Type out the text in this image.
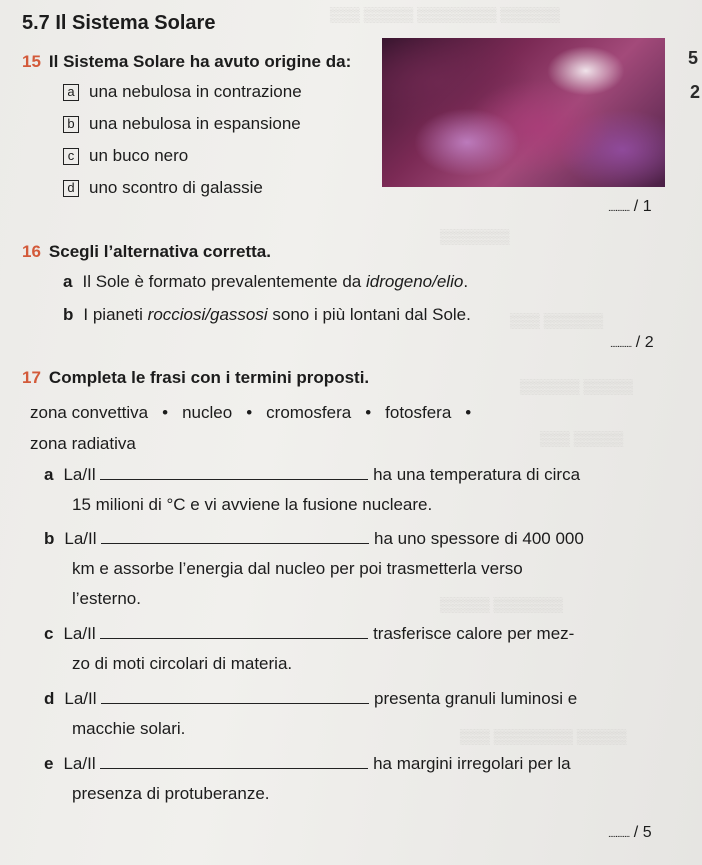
▒▒▒▒▒▒ ▒▒▒▒▒▒▒▒ ▒▒▒▒▒ ▒▒▒
▒▒▒▒▒▒▒
▒▒▒▒▒▒ ▒▒▒
▒▒▒▒▒ ▒▒▒▒▒▒
▒▒▒▒▒ ▒▒▒
▒▒▒▒▒▒▒ ▒▒▒▒▒
▒▒▒▒▒ ▒▒▒▒▒▒▒▒ ▒▒▒
5.7 Il Sistema Solare
15 Il Sistema Solare ha avuto origine da:
a una nebulosa in contrazione
b una nebulosa in espansione
c un buco nero
d uno scontro di galassie
............ / 1
16 Scegli l’alternativa corretta.
a Il Sole è formato prevalentemente da idrogeno/elio.
b I pianeti rocciosi/gassosi sono i più lontani dal Sole.
............ / 2
17 Completa le frasi con i termini proposti.
zona convettiva • nucleo • cromosfera • fotosfera •
zona radiativa
a La/Il	ha una temperatura di circa
15 milioni di °C e vi avviene la fusione nucleare.
b La/Il	ha uno spessore di 400 000
km e assorbe l’energia dal nucleo per poi trasmetterla verso
l’esterno.
c La/Il	trasferisce calore per mez-
zo di moti circolari di materia.
d La/Il	presenta granuli luminosi e
macchie solari.
e La/Il	ha margini irregolari per la
presenza di protuberanze.
............ / 5
5
2
